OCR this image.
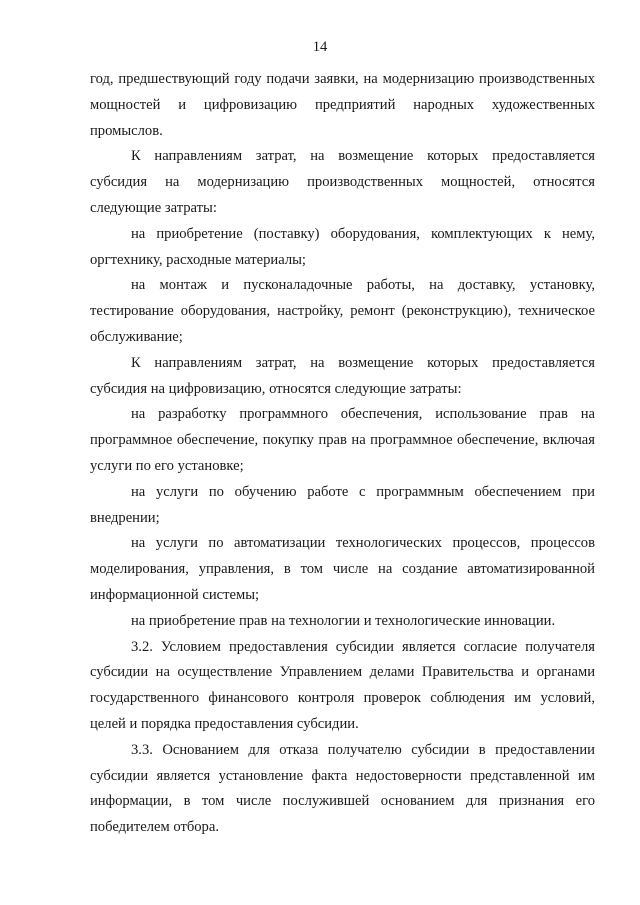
14

год, предшествующий году подачи заявки, на модернизацию производственных мощностей и цифровизацию предприятий народных художественных промыслов.

К направлениям затрат, на возмещение которых предоставляется субсидия на модернизацию производственных мощностей, относятся следующие затраты:

на приобретение (поставку) оборудования, комплектующих к нему, оргтехнику, расходные материалы;

на монтаж и пусконаладочные работы, на доставку, установку, тестирование оборудования, настройку, ремонт (реконструкцию), техническое обслуживание;

К направлениям затрат, на возмещение которых предоставляется субсидия на цифровизацию, относятся следующие затраты:

на разработку программного обеспечения, использование прав на программное обеспечение, покупку прав на программное обеспечение, включая услуги по его установке;

на услуги по обучению работе с программным обеспечением при внедрении;

на услуги по автоматизации технологических процессов, процессов моделирования, управления, в том числе на создание автоматизированной информационной системы;

на приобретение прав на технологии и технологические инновации.

3.2. Условием предоставления субсидии является согласие получателя субсидии на осуществление Управлением делами Правительства и органами государственного финансового контроля проверок соблюдения им условий, целей и порядка предоставления субсидии.

3.3. Основанием для отказа получателю субсидии в предоставлении субсидии является установление факта недостоверности представленной им информации, в том числе послужившей основанием для признания его победителем отбора.
